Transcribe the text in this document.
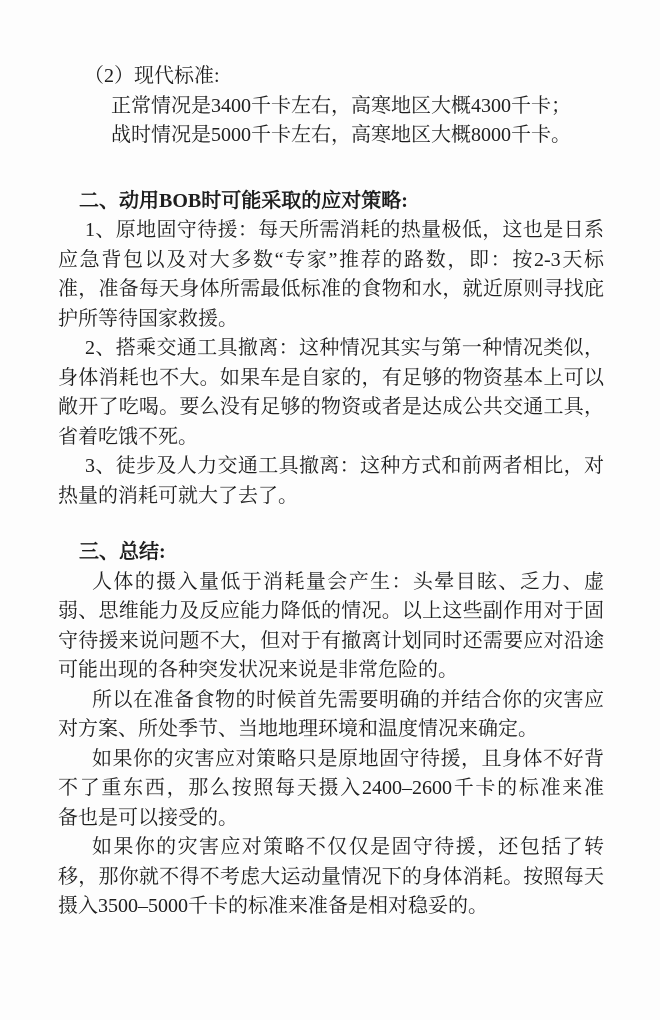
（2）现代标准:
正常情况是3400千卡左右，高寒地区大概4300千卡；
战时情况是5000千卡左右，高寒地区大概8000千卡。
二、动用BOB时可能采取的应对策略:
1、原地固守待援：每天所需消耗的热量极低，这也是日系
应急背包以及对大多数“专家”推荐的路数，即：按2-3天标
准，准备每天身体所需最低标准的食物和水，就近原则寻找庇
护所等待国家救援。
2、搭乘交通工具撤离：这种情况其实与第一种情况类似，
身体消耗也不大。如果车是自家的，有足够的物资基本上可以
敞开了吃喝。要么没有足够的物资或者是达成公共交通工具，
省着吃饿不死。
3、徒步及人力交通工具撤离：这种方式和前两者相比，对
热量的消耗可就大了去了。
三、总结:
人体的摄入量低于消耗量会产生：头晕目眩、乏力、虚
弱、思维能力及反应能力降低的情况。以上这些副作用对于固
守待援来说问题不大，但对于有撤离计划同时还需要应对沿途
可能出现的各种突发状况来说是非常危险的。
所以在准备食物的时候首先需要明确的并结合你的灾害应
对方案、所处季节、当地地理环境和温度情况来确定。
如果你的灾害应对策略只是原地固守待援，且身体不好背
不了重东西，那么按照每天摄入2400–2600千卡的标准来准
备也是可以接受的。
如果你的灾害应对策略不仅仅是固守待援，还包括了转
移，那你就不得不考虑大运动量情况下的身体消耗。按照每天
摄入3500–5000千卡的标准来准备是相对稳妥的。
